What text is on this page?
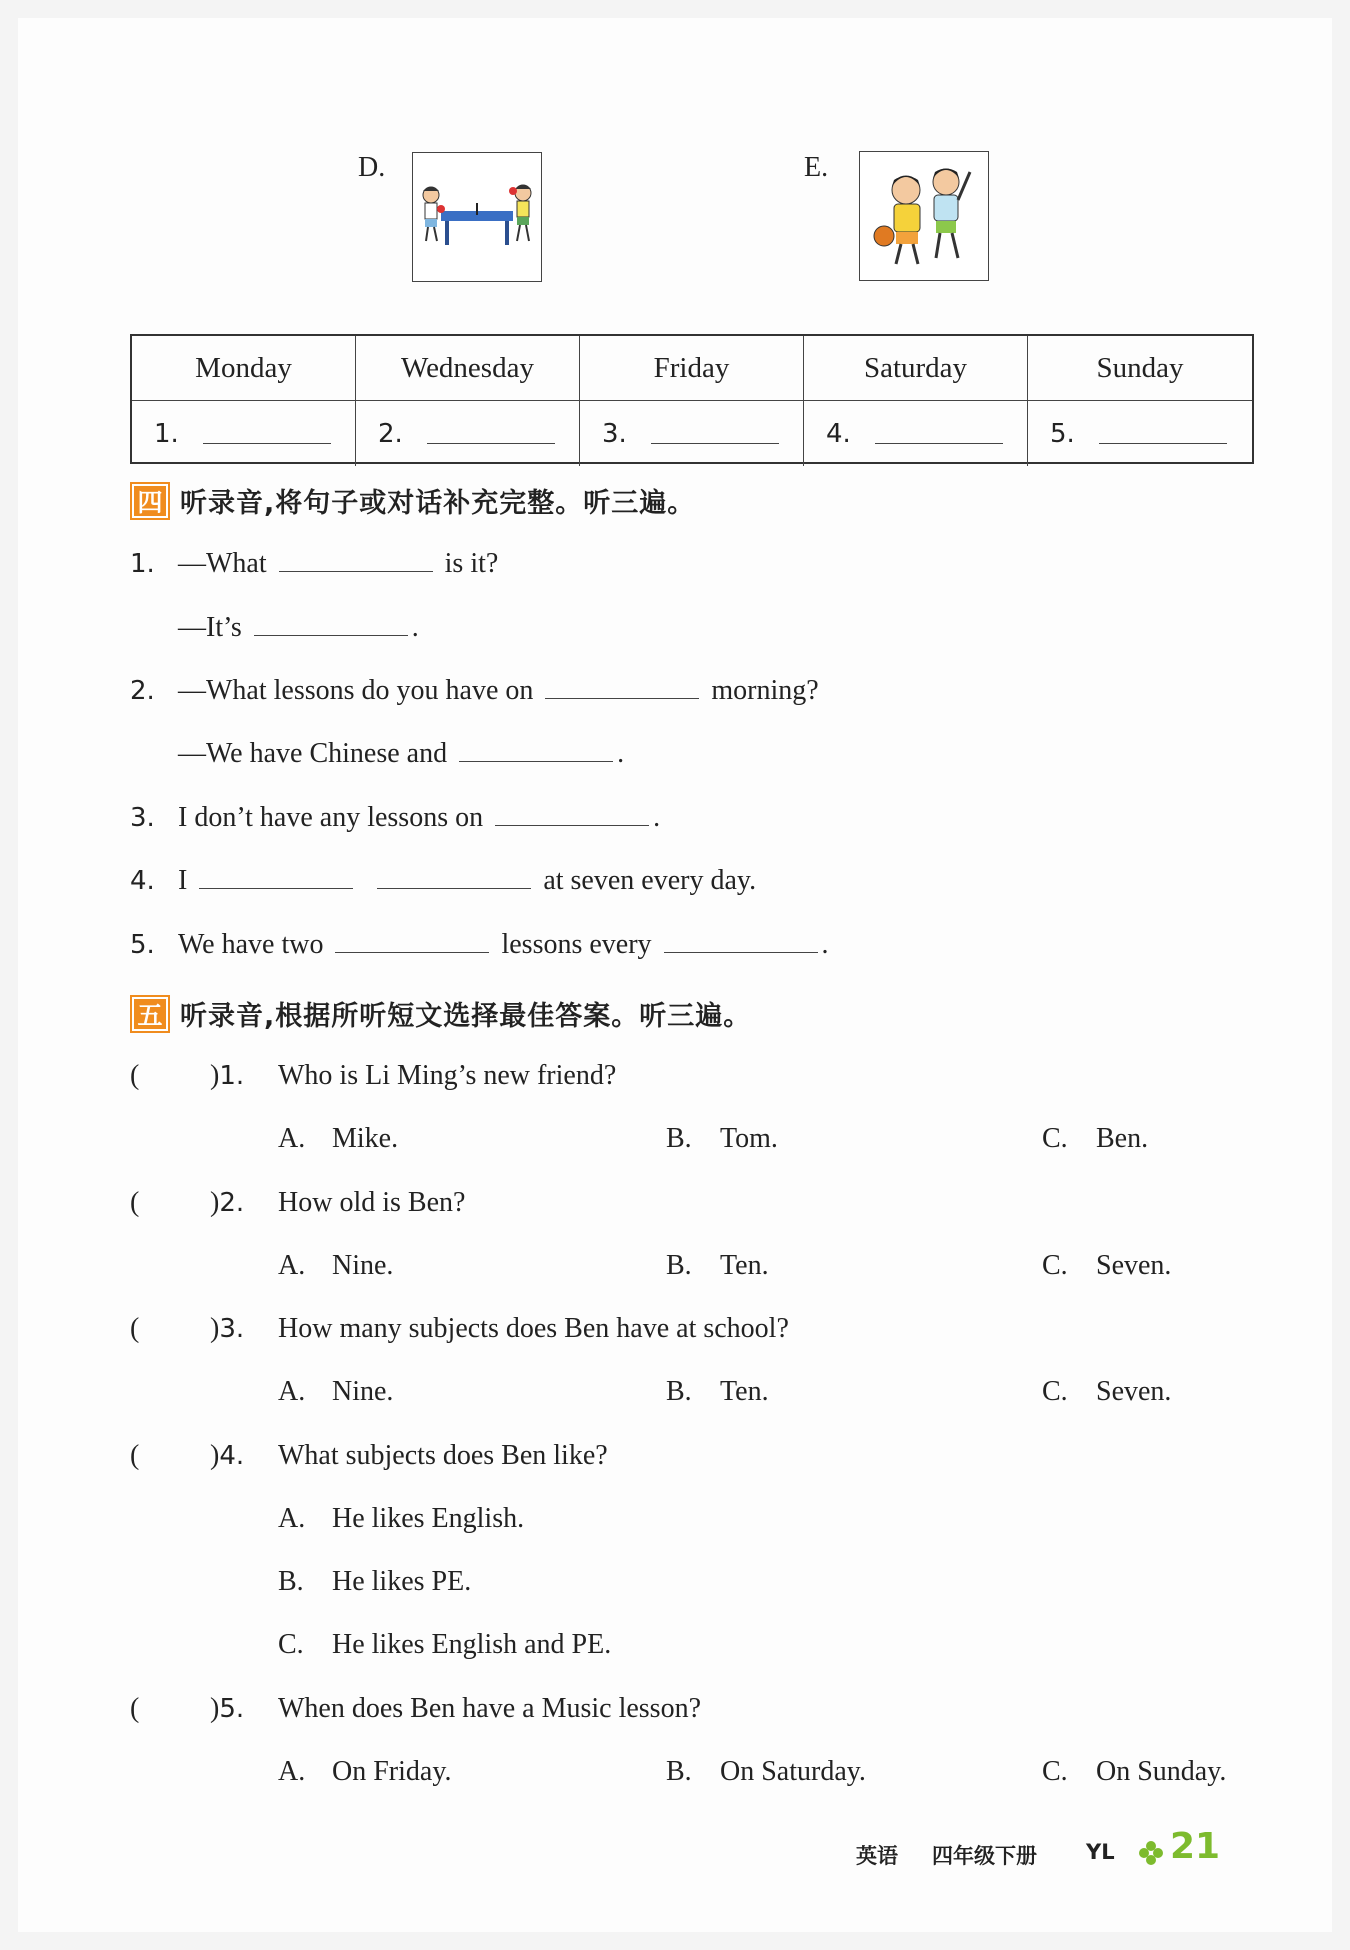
D.	E.
Monday	Wednesday	Friday	Saturday	Sunday
1.	2.	3.	4.	5.
四 听录音,将句子或对话补充完整。听三遍。
1. —What	is it?
—It’s	.
2. —What lessons do you have on	morning?
—We have Chinese and	.
3. I don’t have any lessons on	.
4. I	at seven every day.
5. We have two	lessons every	.
五 听录音,根据所听短文选择最佳答案。听三遍。
(	)1. Who is Li Ming’s new friend?
A. Mike.	B. Tom.	C. Ben.
(	)2. How old is Ben?
A. Nine.	B. Ten.	C. Seven.
(	)3. How many subjects does Ben have at school?
A. Nine.	B. Ten.	C. Seven.
(	)4. What subjects does Ben like?
A. He likes English.
B. He likes PE.
C. He likes English and PE.
(	)5. When does Ben have a Music lesson?
A. On Friday.	B. On Saturday.	C. On Sunday.
英语 四年级下册 YL 21
